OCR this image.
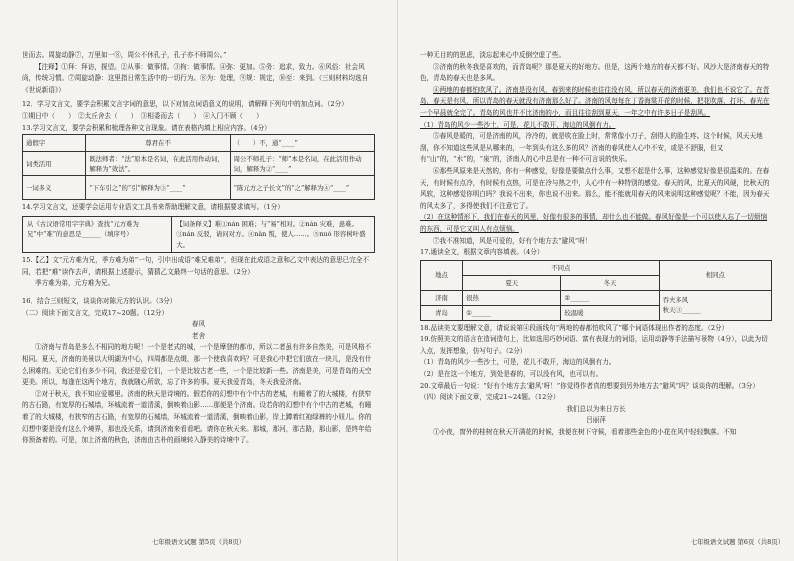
世而去。周旋动静⑦，万里如一⑧，周公不休孔子，孔子亦不师周公。”

【注释】①拜：拜访，探望。②从事：做事情。③拘：做事情。④弥：更加。⑤务：追求，致力。⑥风俗：社会风尚，传统习惯。⑦周旋动静：这里指日常生活中的一切行为。⑧为：处理，⑨规：规定，⑩至：来到。（三则材料均选自《世说新语》）

12．学习文言文，要学会积累文言字词的意思，以下对加点词语意义的说明，请解释下列句中的加点词。（2分）

①期日中（　　）　②太丘舍去（　　）　③相委而去（　　）　④入门不顾（　　）

13.学习文言文，要学会积累和梳理各种文言现象。请在表格内填上相应内容。（4分）

通假字	尊君在不	（　　）不，通“____”
词类活用	既法师者：“法”原本是名词，在此活用作动词，解释为“效法”。	周公不师孔子：“师”本是名词，在此活用作动词，解释为②“____”
一词多义	“下车引之”的“引”解释为③“____”	“陈元方之子长文”的“之”解释为④“____”

14.学习文言文，还要学会运用专业语文工具书来帮助理解文意，请根据要求填写。（1分）

从《古汉语常用字字典》查找“元方难为兄”中“难”的意思是______（填序号）
【词条释义】难①nán 困难；与“易”相对。②nán 灾难，患难。③nán 反驳，请问对方。④nàn 叛，使人……。⑤nuó 形容树叶盛大。

15.【乙】文“元方难为兄，季方难为弟”一句，引申出成语“难兄难弟”，但现在此成语之意和乙文中表达的意思已完全不同，若把“难”读作去声，请根据上述提示，猜猜乙文最终一句话的意思。（2分）

季方难为弟，元方难为兄。

16．结合三则短文，谈谈你对陈元方的认识。（3分）

（二）阅读下面文言文，完成17~20题。（12分）

春风

老舍

①济南与青岛是多么不相同的地方呢！一个是老式的城，一个是摩登的都市，所以二者虽有许多自然美，可是风格不相同。夏天，济南的美景以大明湖为中心，四周都是点缀，那一个使我喜欢吗？可是我心中把它们放在一块儿，是没有什么困难的。无论它们有多少不同，我还是爱它们，一个是比较古老一些，一个是比较新一些。济南是美，可是青岛的天空更美。所以，每逢在这两个地方，我就随心所欲，忘了许多的事。夏天我爱青岛，冬天我爱济南。

②对于秋天，我不知应爱哪里。济南的秋天是诗境的。假若你的幻想中有个中古的老城，有睡着了的大城楼，有狭窄的古石路，有宽厚的石城墙，环城流着一道清溪，倒映着山影……那便是个济南。设若你的幻想中有个中古的老城，有睡着了的大城楼，有狭窄的古石路，有宽厚的石城墙，环城流着一道清溪，倒映着山影，岸上蹲着红袍绿裤的小妞儿。你的幻想中要是没有这么个境界，那也没关系，请到济南来看看吧。请你在秋天来。那城，那河，那古路，那山影，是终年给你预备着的。可是，加上济南的秋色，济南由古朴的画境转入静美的诗境中了。

七年级语文试题 第5页（共8页）

一种无目的的思虑，淡忘起来心中反倒空虚了些。

③济南的秋冬我是喜欢的，而青岛呢？那是夏天的好地方。但是，这两个地方的春天都不好。风沙大是济南春天的特色，青岛的春天也是多风。

④两地的春都怕吹风了。济南是没有风，春到来的时候也往往没有风，所以春天的济南更美，我们也不说它了。在青岛，春天是有风，所以青岛的春天就没有济南那么好了。济南的风每每在丁香海棠开花的时候，把花吹落，打坏，春光在一个早晨就全完了。青岛的风也并不比济南的小，而且往往刮到夏天，一年之中有许多日子是刮风。

（1）青岛的风少一些沙土，可是，花儿不敢开，海边的风倒有力。

⑤春风是暖的，可是济南的风，冷冷的，就是吹在脸上时，常常像小刀子，刮得人的脸生疼。这个时候，风天天地刮，你不知道这些风是从哪来的，一年到头有这么多的风？济南的春风使人心中不安，或是不舒服，但又有“山”的，“水”的，“泉”的，济南人的心中总是有一种不可言说的快乐。

⑥那些风原来是天然的，你有一种感觉，好像是要做点什么事，又想不起是什么事，这种感觉好像是很温柔的。在春天，有时候有点冷，有时候有点热，可是在冷与热之中，人心中有一种特别的感觉。春天的风，比夏天的风硬，比秋天的风软，这种感觉你明白吗？我说不出来，你也说不出来。那么，能不能就用春天的风来说明这种感觉呢？不能，因为春天的风太多了，多得使我们不注意它了。

（2）在这种情形下，我们在春天的风里，好像有很多的事情，却什么也不能做。春风好像是一个可以使人忘了一切烦恼的东西，可是它又叫人有点烦恼。

⑦我不准知道，风是可爱的，好有个地方去“避风”呀！

17.通读全文，根据文章内容填表。（4分）

地点	不同点		相同点
	夏天	冬天	
济南	很热	②______	吞夫多风
秋天③______
青岛	①______	较温暖	

18.品读美文要理解文意，请说说第④段画线句“两地的春都怕吹风了”哪个词语体现出作者的态度。（2分）

19.仿照美文的语言在造词造句上，比如选用巧妙词语、富有表现力的词语，运用动静等手法描写景物（4分），以此为切入点，发挥想象，仿写句子。（2分）

（1）青岛的风少一些沙土，可是，花儿不敢开，海边的风倒有力。

（2）是在这一个地方，到处是春的，可以没有风，也可以有。

20.文章最后一句说：“好有个地方去‘避风’呀！”你觉得作者真的想要到另外地方去“避风”吗？谈谈你的理解。（3分）

（四）阅读下面文章，完成21~24题。（12分）

我们总以为来日方长

吕丽萍

①小夜，窗外的桂树在秋天开满花的时候，我便在树下守候，看着那些金色的小花在风中轻轻飘落。不知

七年级语文试题 第6页（共8页）
